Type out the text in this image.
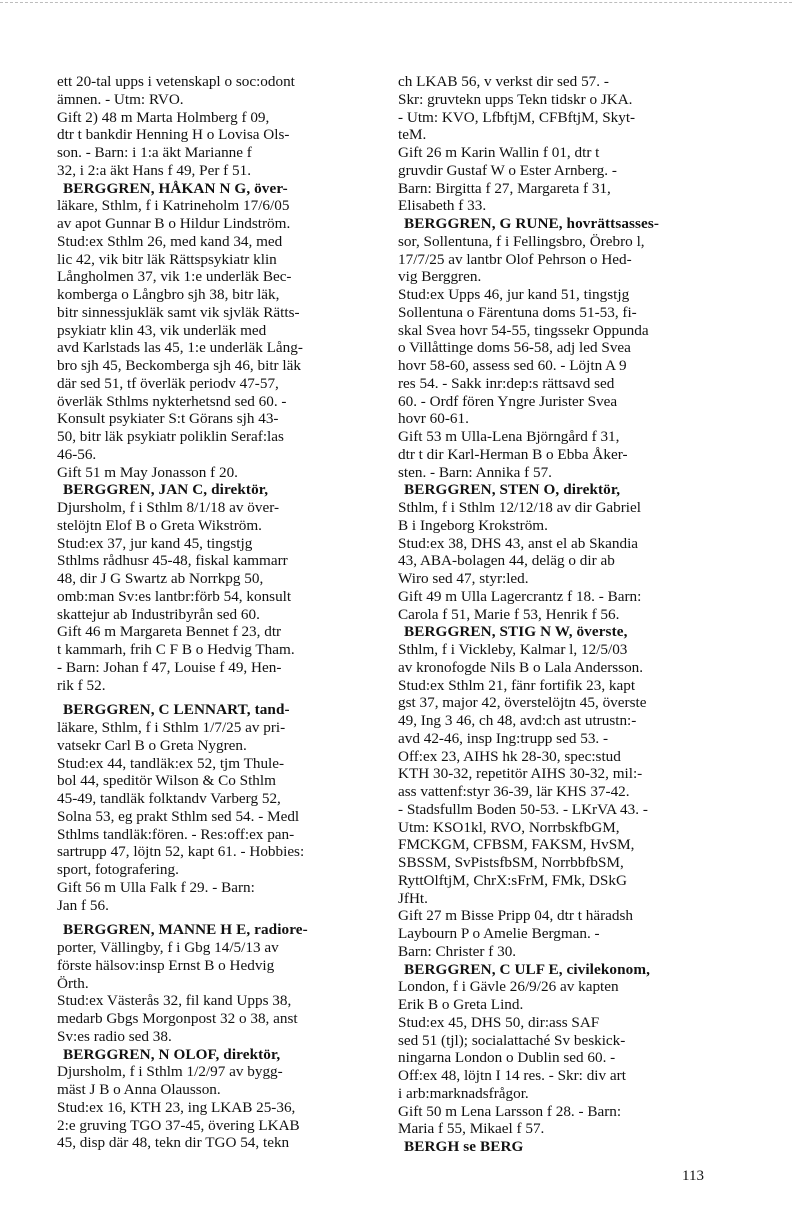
ett 20-tal upps i vetenskapl o soc:odont
ämnen. - Utm: RVO.
Gift 2) 48 m Marta Holmberg f 09,
dtr t bankdir Henning H o Lovisa Ols-
son. - Barn: i 1:a äkt Marianne f
32, i 2:a äkt Hans f 49, Per f 51.
BERGGREN, HÅKAN N G, över-
läkare, Sthlm, f i Katrineholm 17/6/05
av apot Gunnar B o Hildur Lindström.
Stud:ex Sthlm 26, med kand 34, med
lic 42, vik bitr läk Rättspsykiatr klin
Långholmen 37, vik 1:e underläk Bec-
komberga o Långbro sjh 38, bitr läk,
bitr sinnessjukläk samt vik sjvläk Rätts-
psykiatr klin 43, vik underläk med
avd Karlstads las 45, 1:e underläk Lång-
bro sjh 45, Beckomberga sjh 46, bitr läk
där sed 51, tf överläk periodv 47-57,
överläk Sthlms nykterhetsnd sed 60. -
Konsult psykiater S:t Görans sjh 43-
50, bitr läk psykiatr poliklin Seraf:las
46-56.
Gift 51 m May Jonasson f 20.
BERGGREN, JAN C, direktör,
Djursholm, f i Sthlm 8/1/18 av över-
stelöjtn Elof B o Greta Wikström.
Stud:ex 37, jur kand 45, tingstjg
Sthlms rådhusr 45-48, fiskal kammarr
48, dir J G Swartz ab Norrkpg 50,
omb:man Sv:es lantbr:förb 54, konsult
skattejur ab Industribyrån sed 60.
Gift 46 m Margareta Bennet f 23, dtr
t kammarh, frih C F B o Hedvig Tham.
- Barn: Johan f 47, Louise f 49, Hen-
rik f 52.
BERGGREN, C LENNART, tand-
läkare, Sthlm, f i Sthlm 1/7/25 av pri-
vatsekr Carl B o Greta Nygren.
Stud:ex 44, tandläk:ex 52, tjm Thule-
bol 44, speditör Wilson & Co Sthlm
45-49, tandläk folktandv Varberg 52,
Solna 53, eg prakt Sthlm sed 54. - Medl
Sthlms tandläk:fören. - Res:off:ex pan-
sartrupp 47, löjtn 52, kapt 61. - Hobbies:
sport, fotografering.
Gift 56 m Ulla Falk f 29. - Barn:
Jan f 56.
BERGGREN, MANNE H E, radiore-
porter, Vällingby, f i Gbg 14/5/13 av
förste hälsov:insp Ernst B o Hedvig
Örth.
Stud:ex Västerås 32, fil kand Upps 38,
medarb Gbgs Morgonpost 32 o 38, anst
Sv:es radio sed 38.
BERGGREN, N OLOF, direktör,
Djursholm, f i Sthlm 1/2/97 av bygg-
mäst J B o Anna Olausson.
Stud:ex 16, KTH 23, ing LKAB 25-36,
2:e gruving TGO 37-45, övering LKAB
45, disp där 48, tekn dir TGO 54, tekn
ch LKAB 56, v verkst dir sed 57. -
Skr: gruvtekn upps Tekn tidskr o JKA.
- Utm: KVO, LfbftjM, CFBftjM, Skyt-
teM.
Gift 26 m Karin Wallin f 01, dtr t
gruvdir Gustaf W o Ester Arnberg. -
Barn: Birgitta f 27, Margareta f 31,
Elisabeth f 33.
BERGGREN, G RUNE, hovrättsasses-
sor, Sollentuna, f i Fellingsbro, Örebro l,
17/7/25 av lantbr Olof Pehrson o Hed-
vig Berggren.
Stud:ex Upps 46, jur kand 51, tingstjg
Sollentuna o Färentuna doms 51-53, fi-
skal Svea hovr 54-55, tingssekr Oppunda
o Villåttinge doms 56-58, adj led Svea
hovr 58-60, assess sed 60. - Löjtn A 9
res 54. - Sakk inr:dep:s rättsavd sed
60. - Ordf fören Yngre Jurister Svea
hovr 60-61.
Gift 53 m Ulla-Lena Björngård f 31,
dtr t dir Karl-Herman B o Ebba Åker-
sten. - Barn: Annika f 57.
BERGGREN, STEN O, direktör,
Sthlm, f i Sthlm 12/12/18 av dir Gabriel
B i Ingeborg Krokström.
Stud:ex 38, DHS 43, anst el ab Skandia
43, ABA-bolagen 44, deläg o dir ab
Wiro sed 47, styr:led.
Gift 49 m Ulla Lagercrantz f 18. - Barn:
Carola f 51, Marie f 53, Henrik f 56.
BERGGREN, STIG N W, överste,
Sthlm, f i Vickleby, Kalmar l, 12/5/03
av kronofogde Nils B o Lala Andersson.
Stud:ex Sthlm 21, fänr fortifik 23, kapt
gst 37, major 42, överstelöjtn 45, överste
49, Ing 3 46, ch 48, avd:ch ast utrustn:-
avd 42-46, insp Ing:trupp sed 53. -
Off:ex 23, AIHS hk 28-30, spec:stud
KTH 30-32, repetitör AIHS 30-32, mil:-
ass vattenf:styr 36-39, lär KHS 37-42.
- Stadsfullm Boden 50-53. - LKrVA 43. -
Utm: KSO1kl, RVO, NorrbskfbGM,
FMCKGM, CFBSM, FAKSM, HvSM,
SBSSM, SvPistsfbSM, NorrbbfbSM,
RyttOlftjM, ChrX:sFrM, FMk, DSkG
JfHt.
Gift 27 m Bisse Pripp 04, dtr t häradsh
Laybourn P o Amelie Bergman. -
Barn: Christer f 30.
BERGGREN, C ULF E, civilekonom,
London, f i Gävle 26/9/26 av kapten
Erik B o Greta Lind.
Stud:ex 45, DHS 50, dir:ass SAF
sed 51 (tjl); socialattaché Sv beskick-
ningarna London o Dublin sed 60. -
Off:ex 48, löjtn I 14 res. - Skr: div art
i arb:marknadsfrågor.
Gift 50 m Lena Larsson f 28. - Barn:
Maria f 55, Mikael f 57.
BERGH se BERG
113
